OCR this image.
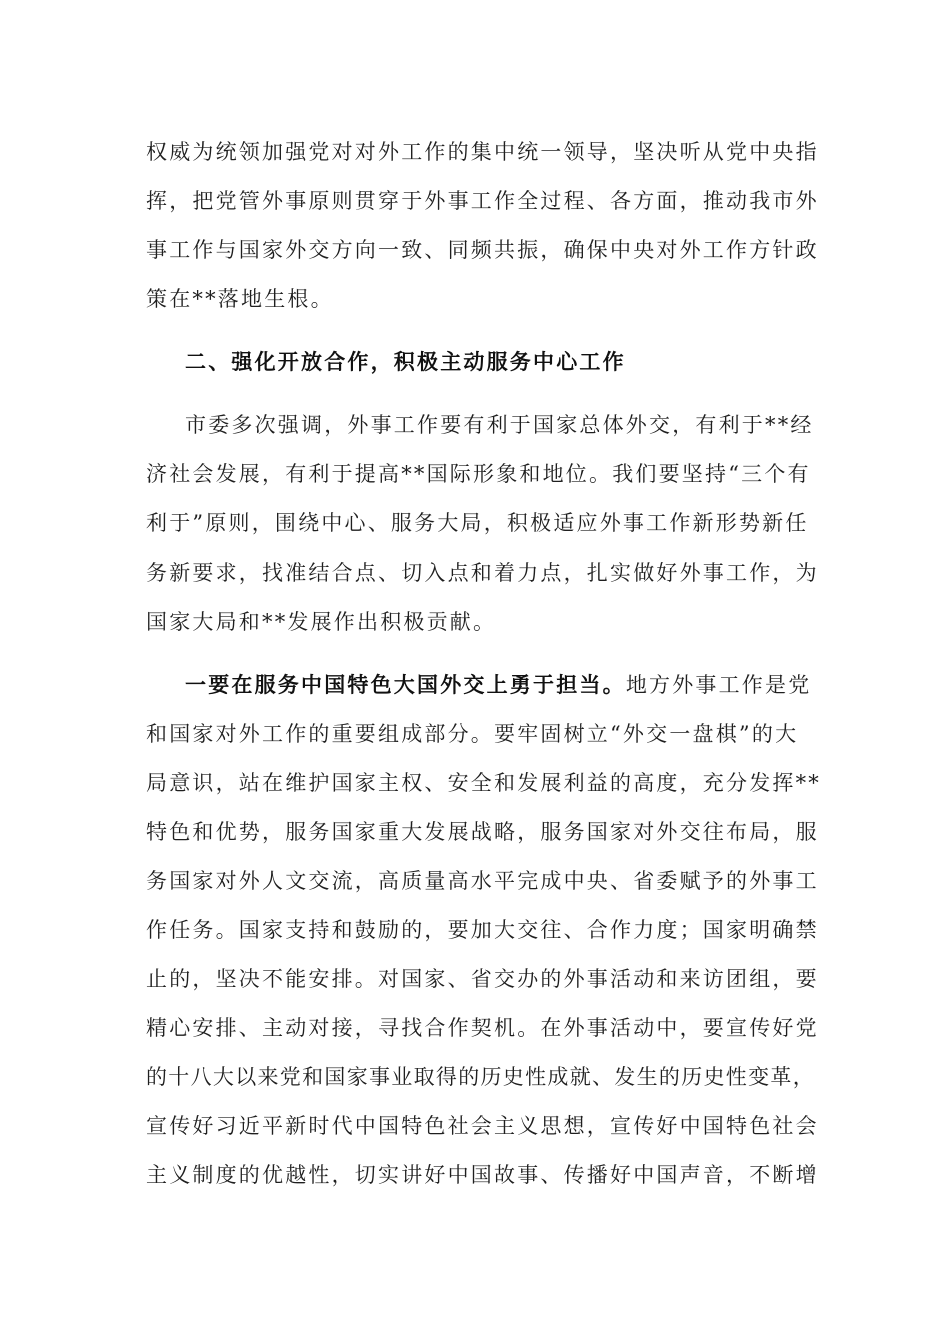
权威为统领加强党对对外工作的集中统一领导，坚决听从党中央指
挥，把党管外事原则贯穿于外事工作全过程、各方面，推动我市外
事工作与国家外交方向一致、同频共振，确保中央对外工作方针政
策在**落地生根。
二、强化开放合作，积极主动服务中心工作
市委多次强调，外事工作要有利于国家总体外交，有利于**经
济社会发展，有利于提高**国际形象和地位。我们要坚持“三个有
利于”原则，围绕中心、服务大局，积极适应外事工作新形势新任
务新要求，找准结合点、切入点和着力点，扎实做好外事工作，为
国家大局和**发展作出积极贡献。
一要在服务中国特色大国外交上勇于担当。地方外事工作是党
和国家对外工作的重要组成部分。要牢固树立“外交一盘棋”的大
局意识，站在维护国家主权、安全和发展利益的高度，充分发挥**
特色和优势，服务国家重大发展战略，服务国家对外交往布局，服
务国家对外人文交流，高质量高水平完成中央、省委赋予的外事工
作任务。国家支持和鼓励的，要加大交往、合作力度；国家明确禁
止的，坚决不能安排。对国家、省交办的外事活动和来访团组，要
精心安排、主动对接，寻找合作契机。在外事活动中，要宣传好党
的十八大以来党和国家事业取得的历史性成就、发生的历史性变革，
宣传好习近平新时代中国特色社会主义思想，宣传好中国特色社会
主义制度的优越性，切实讲好中国故事、传播好中国声音，不断增
